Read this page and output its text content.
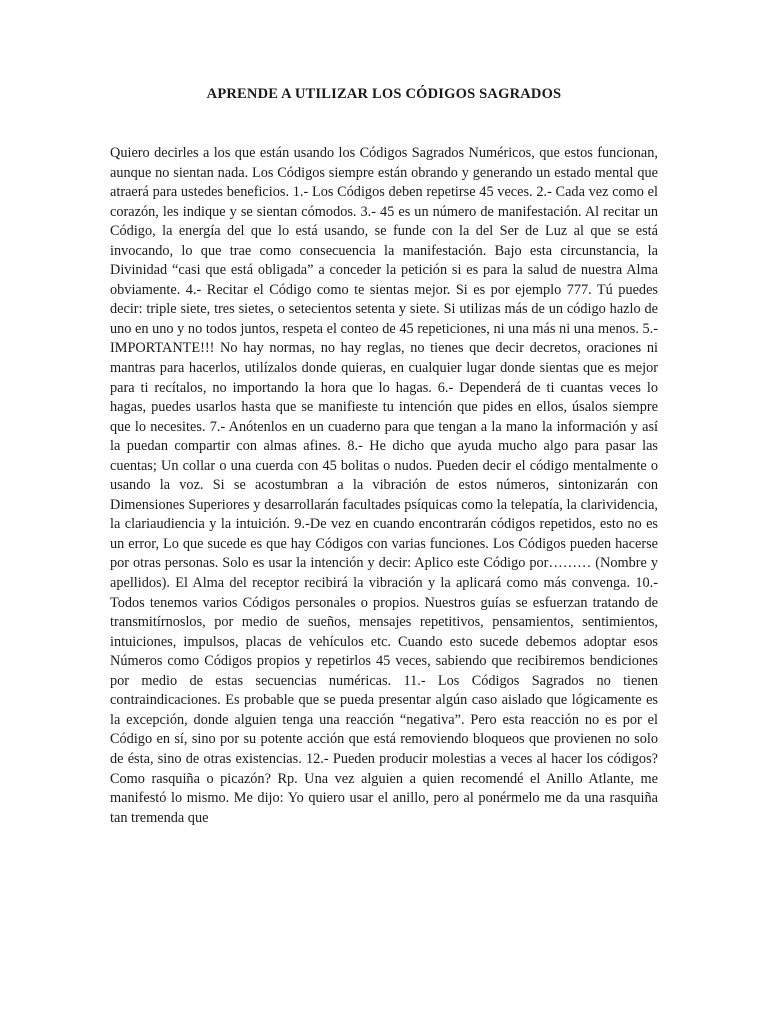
APRENDE A UTILIZAR LOS CÓDIGOS SAGRADOS

Quiero decirles a los que están usando los Códigos Sagrados Numéricos, que estos funcionan, aunque no sientan nada. Los Códigos siempre están obrando y generando un estado mental que atraerá para ustedes beneficios. 1.- Los Códigos deben repetirse 45 veces. 2.- Cada vez como el corazón, les indique y se sientan cómodos. 3.- 45 es un número de manifestación. Al recitar un Código, la energía del que lo está usando, se funde con la del Ser de Luz al que se está invocando, lo que trae como consecuencia la manifestación. Bajo esta circunstancia, la Divinidad “casi que está obligada” a conceder la petición si es para la salud de nuestra Alma obviamente. 4.- Recitar el Código como te sientas mejor. Si es por ejemplo 777. Tú puedes decir: triple siete, tres sietes, o setecientos setenta y siete. Si utilizas más de un código hazlo de uno en uno y no todos juntos, respeta el conteo de 45 repeticiones, ni una más ni una menos. 5.- IMPORTANTE!!! No hay normas, no hay reglas, no tienes que decir decretos, oraciones ni mantras para hacerlos, utilízalos donde quieras, en cualquier lugar donde sientas que es mejor para ti recítalos, no importando la hora que lo hagas. 6.- Dependerá de ti cuantas veces lo hagas, puedes usarlos hasta que se manifieste tu intención que pides en ellos, úsalos siempre que lo necesites. 7.- Anótenlos en un cuaderno para que tengan a la mano la información y así la puedan compartir con almas afines. 8.- He dicho que ayuda mucho algo para pasar las cuentas; Un collar o una cuerda con 45 bolitas o nudos. Pueden decir el código mentalmente o usando la voz. Si se acostumbran a la vibración de estos números, sintonizarán con Dimensiones Superiores y desarrollarán facultades psíquicas como la telepatía, la clarividencia, la clariaudiencia y la intuición. 9.-De vez en cuando encontrarán códigos repetidos, esto no es un error, Lo que sucede es que hay Códigos con varias funciones. Los Códigos pueden hacerse por otras personas. Solo es usar la intención y decir: Aplico este Código por……… (Nombre y apellidos). El Alma del receptor recibirá la vibración y la aplicará como más convenga. 10.- Todos tenemos varios Códigos personales o propios. Nuestros guías se esfuerzan tratando de transmitírnoslos, por medio de sueños, mensajes repetitivos, pensamientos, sentimientos, intuiciones, impulsos, placas de vehículos etc. Cuando esto sucede debemos adoptar esos Números como Códigos propios y repetirlos 45 veces, sabiendo que recibiremos bendiciones por medio de estas secuencias numéricas. 11.- Los Códigos Sagrados no tienen contraindicaciones. Es probable que se pueda presentar algún caso aislado que lógicamente es la excepción, donde alguien tenga una reacción “negativa”. Pero esta reacción no es por el Código en sí, sino por su potente acción que está removiendo bloqueos que provienen no solo de ésta, sino de otras existencias. 12.- Pueden producir molestias a veces al hacer los códigos? Como rasquiña o picazón? Rp. Una vez alguien a quien recomendé el Anillo Atlante, me manifestó lo mismo. Me dijo: Yo quiero usar el anillo, pero al ponérmelo me da una rasquiña tan tremenda que
